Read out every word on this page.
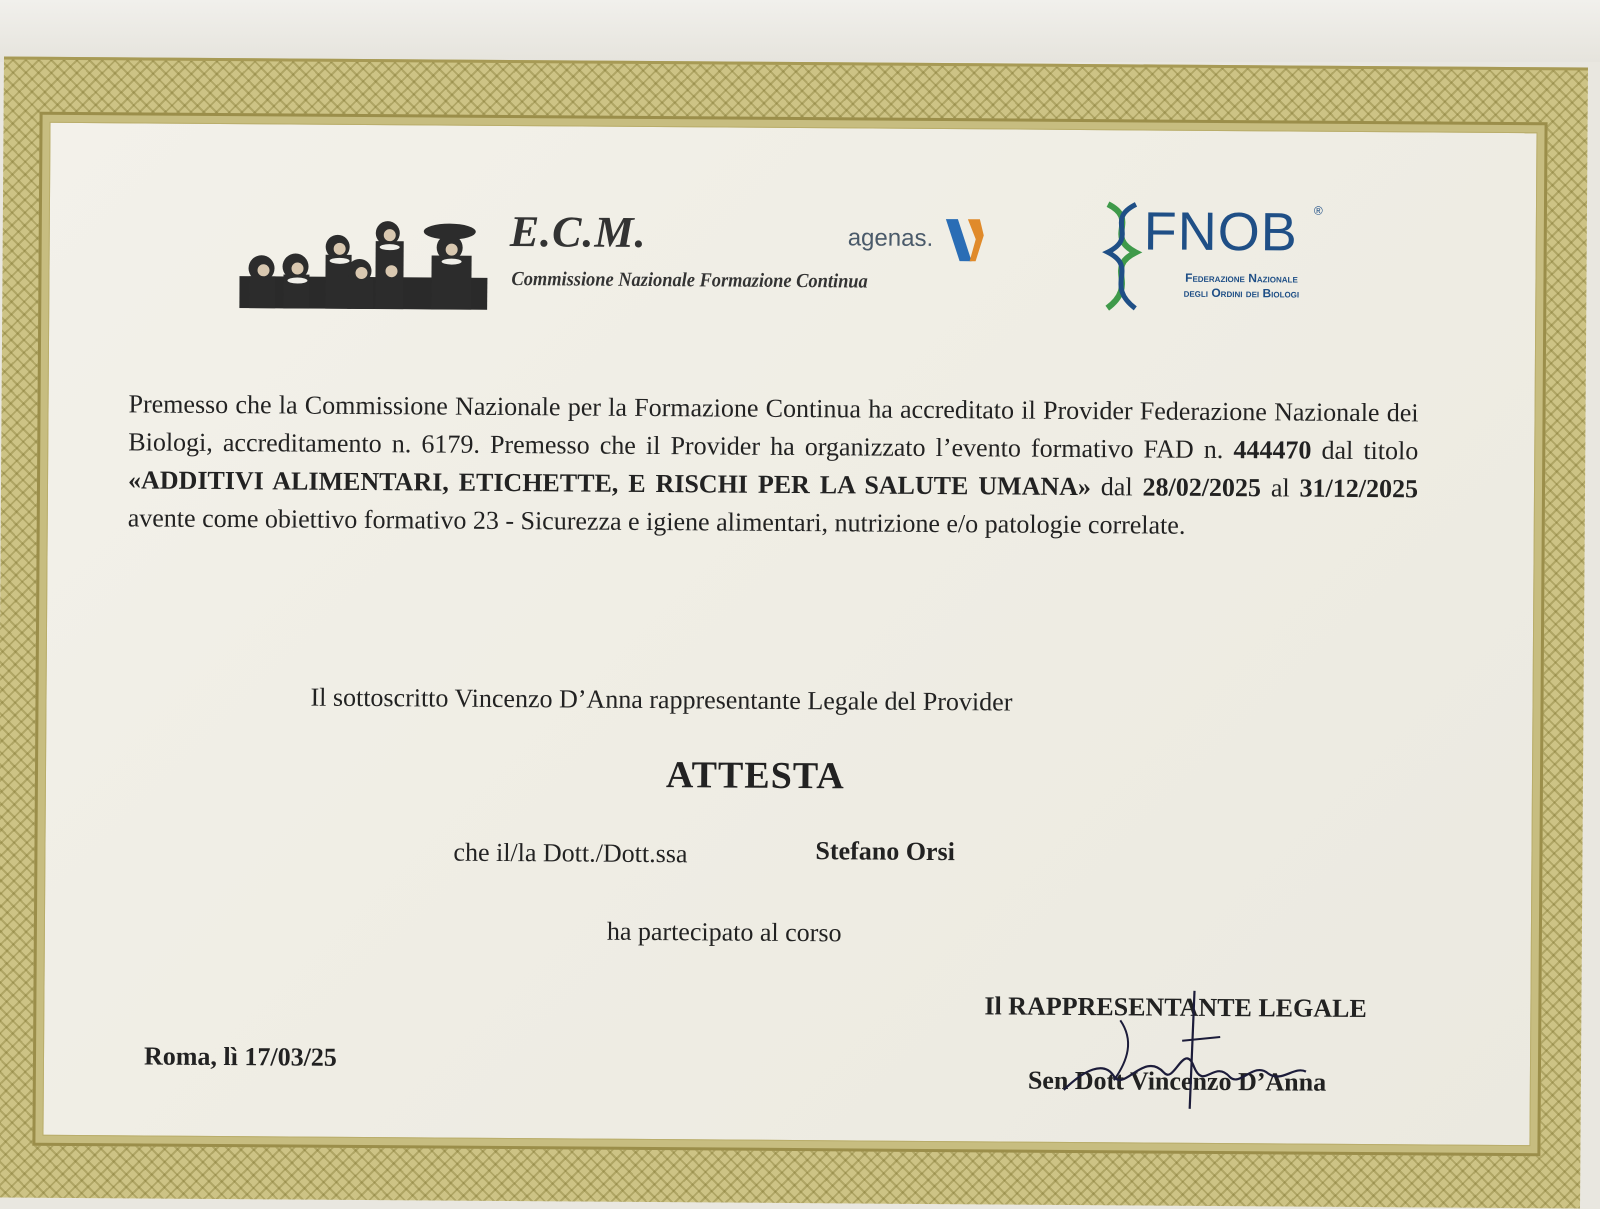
E.C.M.
Commissione Nazionale Formazione Continua
agenas.	FNOB ®
Federazione Nazionale
degli Ordini dei Biologi
Premesso che la Commissione Nazionale per la Formazione Continua ha accreditato il Provider Federazione Nazionale dei Biologi, accreditamento n. 6179. Premesso che il Provider ha organizzato l’evento formativo FAD n. 444470 dal titolo «ADDITIVI ALIMENTARI, ETICHETTE, E RISCHI PER LA SALUTE UMANA» dal 28/02/2025 al 31/12/2025 avente come obiettivo formativo 23 - Sicurezza e igiene alimentari, nutrizione e/o patologie correlate.
Il sottoscritto Vincenzo D’Anna rappresentante Legale del Provider
ATTESTA
che il/la Dott./Dott.ssa	Stefano Orsi
ha partecipato al corso
Roma, lì 17/03/25
Il RAPPRESENTANTE LEGALE
Sen Dott Vincenzo D’Anna
